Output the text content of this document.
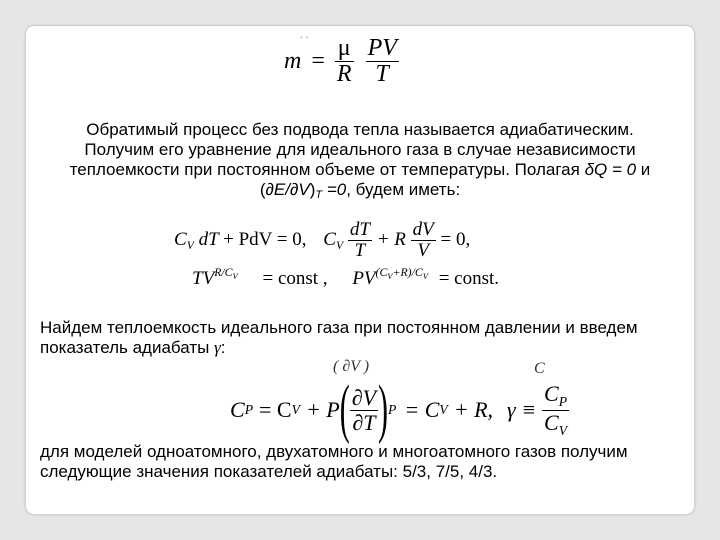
. .
$m = \frac{\mu}{R}$
$\frac{PV}{T}$
Обратимый процесс без подвода тепла называется адиабатическим.
Получим его уравнение для идеального газа в случае независимости
теплоемкости при постоянном объеме от температуры. Полагая δQ = 0 и
(∂E/∂V)T =0, будем иметь:
$C_V$ dT + PdV = 0, $C_V \frac{dT}{T} + R \frac{dV}{V} = 0$,
$TV^{R/CV}$ = const , $PV^{(CV+R)/CV}$ = const.
Найдем теплоемкость идеального газа при постоянном давлении и введем
показатель адиабаты γ:
( ∂V )	C
C P = C V + P ( $\frac{\partial V}{\partial T}$ ) P = C V + R, $\gamma \equiv \frac{C_P}{C_V}$
для моделей одноатомного, двухатомного и многоатомного газов получим
следующие значения показателей адиабаты: 5/3, 7/5, 4/3.
